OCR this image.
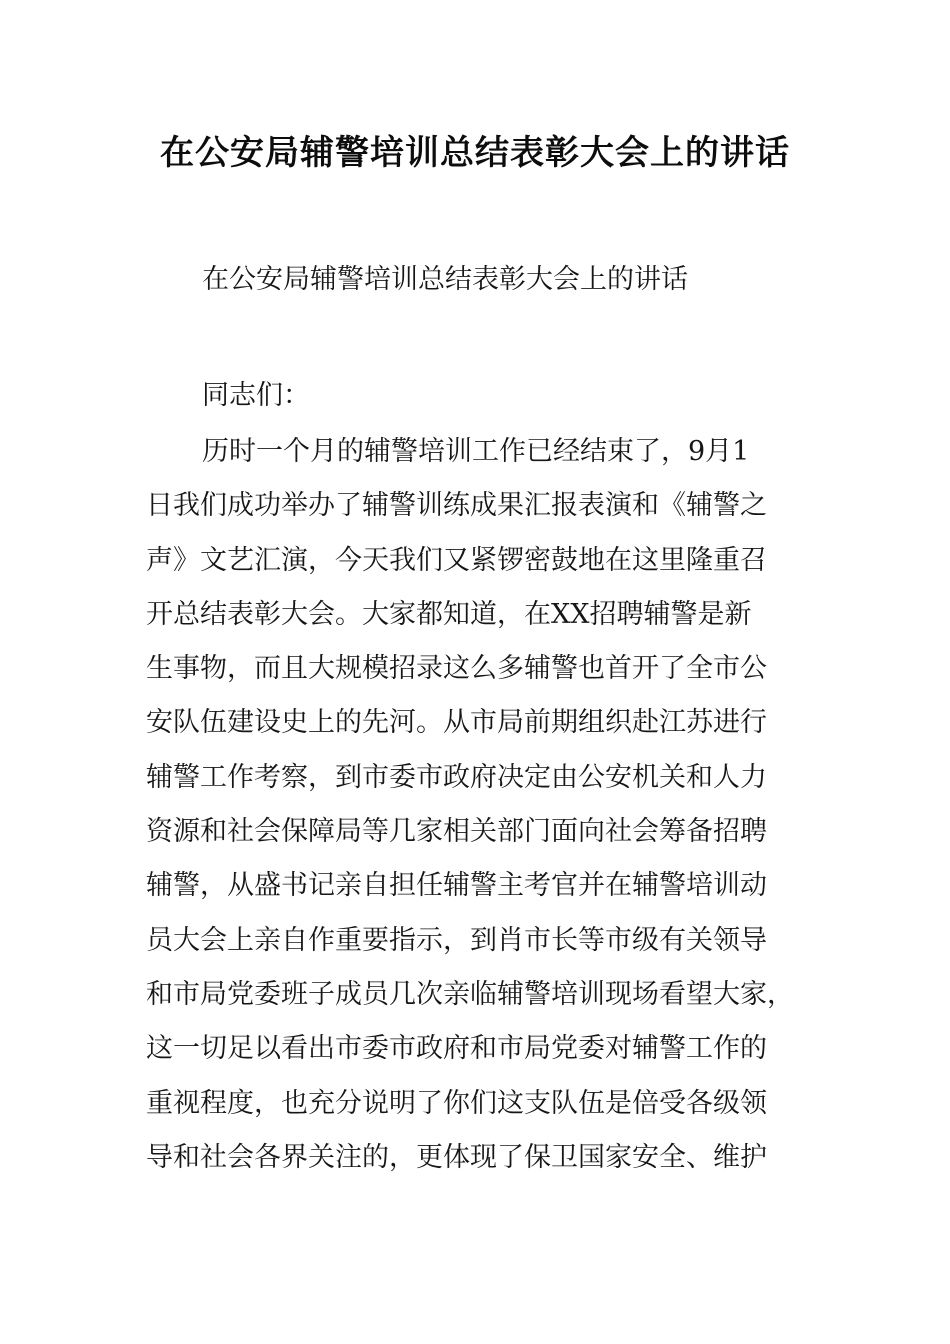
在公安局辅警培训总结表彰大会上的讲话
在公安局辅警培训总结表彰大会上的讲话
同志们：
历时一个月的辅警培训工作已经结束了，9月1
日我们成功举办了辅警训练成果汇报表演和《辅警之
声》文艺汇演，今天我们又紧锣密鼓地在这里隆重召
开总结表彰大会。大家都知道，在XX招聘辅警是新
生事物，而且大规模招录这么多辅警也首开了全市公
安队伍建设史上的先河。从市局前期组织赴江苏进行
辅警工作考察，到市委市政府决定由公安机关和人力
资源和社会保障局等几家相关部门面向社会筹备招聘
辅警，从盛书记亲自担任辅警主考官并在辅警培训动
员大会上亲自作重要指示，到肖市长等市级有关领导
和市局党委班子成员几次亲临辅警培训现场看望大家，
这一切足以看出市委市政府和市局党委对辅警工作的
重视程度，也充分说明了你们这支队伍是倍受各级领
导和社会各界关注的，更体现了保卫国家安全、维护
